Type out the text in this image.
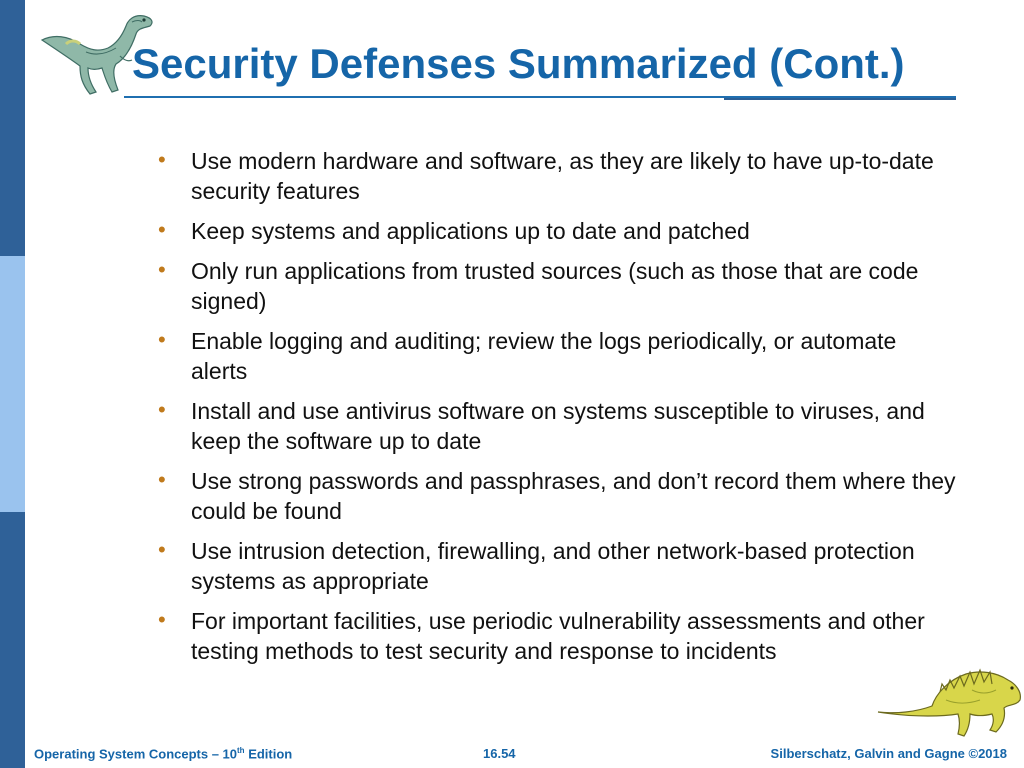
Security Defenses Summarized (Cont.)
• Use modern hardware and software, as they are likely to have up-to-date security features
• Keep systems and applications up to date and patched
• Only run applications from trusted sources (such as those that are code signed)
• Enable logging and auditing; review the logs periodically, or automate alerts
• Install and use antivirus software on systems susceptible to viruses, and keep the software up to date
• Use strong passwords and passphrases, and don’t record them where they could be found
• Use intrusion detection, firewalling, and other network-based protection systems as appropriate
• For important facilities, use periodic vulnerability assessments and other testing methods to test security and response to incidents
Operating System Concepts – 10th Edition	16.54	Silberschatz, Galvin and Gagne ©2018
